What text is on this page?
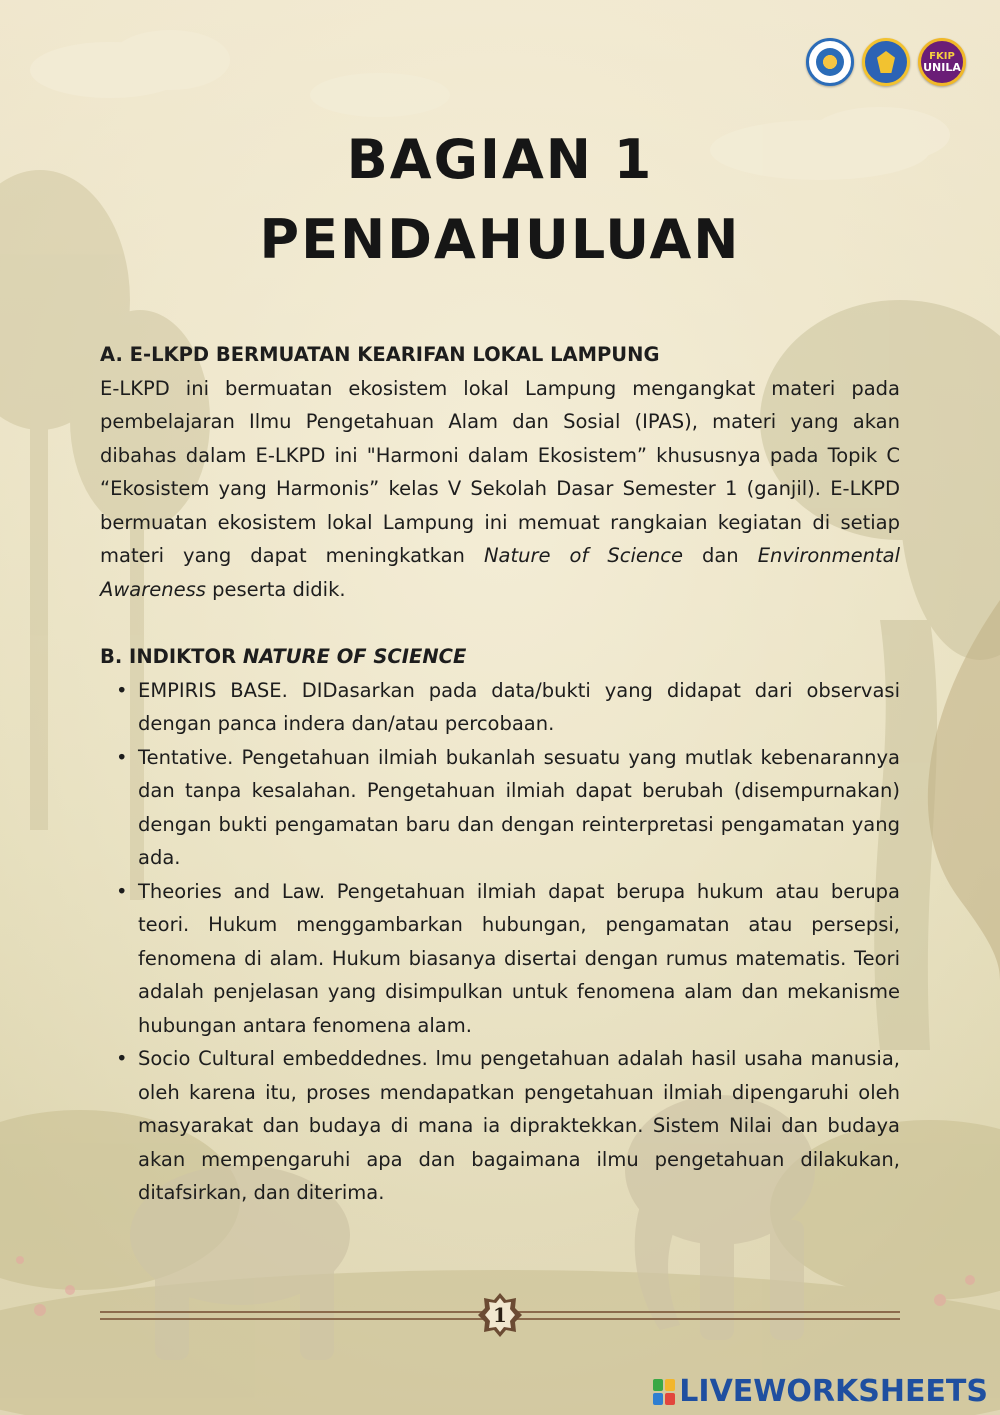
FKIP
UNILA
BAGIAN 1
PENDAHULUAN

A. E-LKPD BERMUATAN KEARIFAN LOKAL LAMPUNG

E-LKPD ini bermuatan ekosistem lokal Lampung mengangkat materi pada pembelajaran Ilmu Pengetahuan Alam dan Sosial (IPAS), materi yang akan dibahas dalam E-LKPD ini "Harmoni dalam Ekosistem” khususnya pada Topik C “Ekosistem yang Harmonis” kelas V Sekolah Dasar Semester 1 (ganjil). E-LKPD bermuatan ekosistem lokal Lampung ini memuat rangkaian kegiatan di setiap materi yang dapat meningkatkan Nature of Science dan Environmental Awareness peserta didik.

B. INDIKTOR NATURE OF SCIENCE

• EMPIRIS BASE. DIDasarkan pada data/bukti yang didapat dari observasi dengan panca indera dan/atau percobaan.
• Tentative. Pengetahuan ilmiah bukanlah sesuatu yang mutlak kebenarannya dan tanpa kesalahan. Pengetahuan ilmiah dapat berubah (disempurnakan) dengan bukti pengamatan baru dan dengan reinterpretasi pengamatan yang ada.
• Theories and Law. Pengetahuan ilmiah dapat berupa hukum atau berupa teori. Hukum menggambarkan hubungan, pengamatan atau persepsi, fenomena di alam. Hukum biasanya disertai dengan rumus matematis. Teori adalah penjelasan yang disimpulkan untuk fenomena alam dan mekanisme hubungan antara fenomena alam.
• Socio Cultural embeddednes. lmu pengetahuan adalah hasil usaha manusia, oleh karena itu, proses mendapatkan pengetahuan ilmiah dipengaruhi oleh masyarakat dan budaya di mana ia dipraktekkan. Sistem Nilai dan budaya akan mempengaruhi apa dan bagaimana ilmu pengetahuan dilakukan, ditafsirkan, dan diterima.
1
LIVEWORKSHEETS
